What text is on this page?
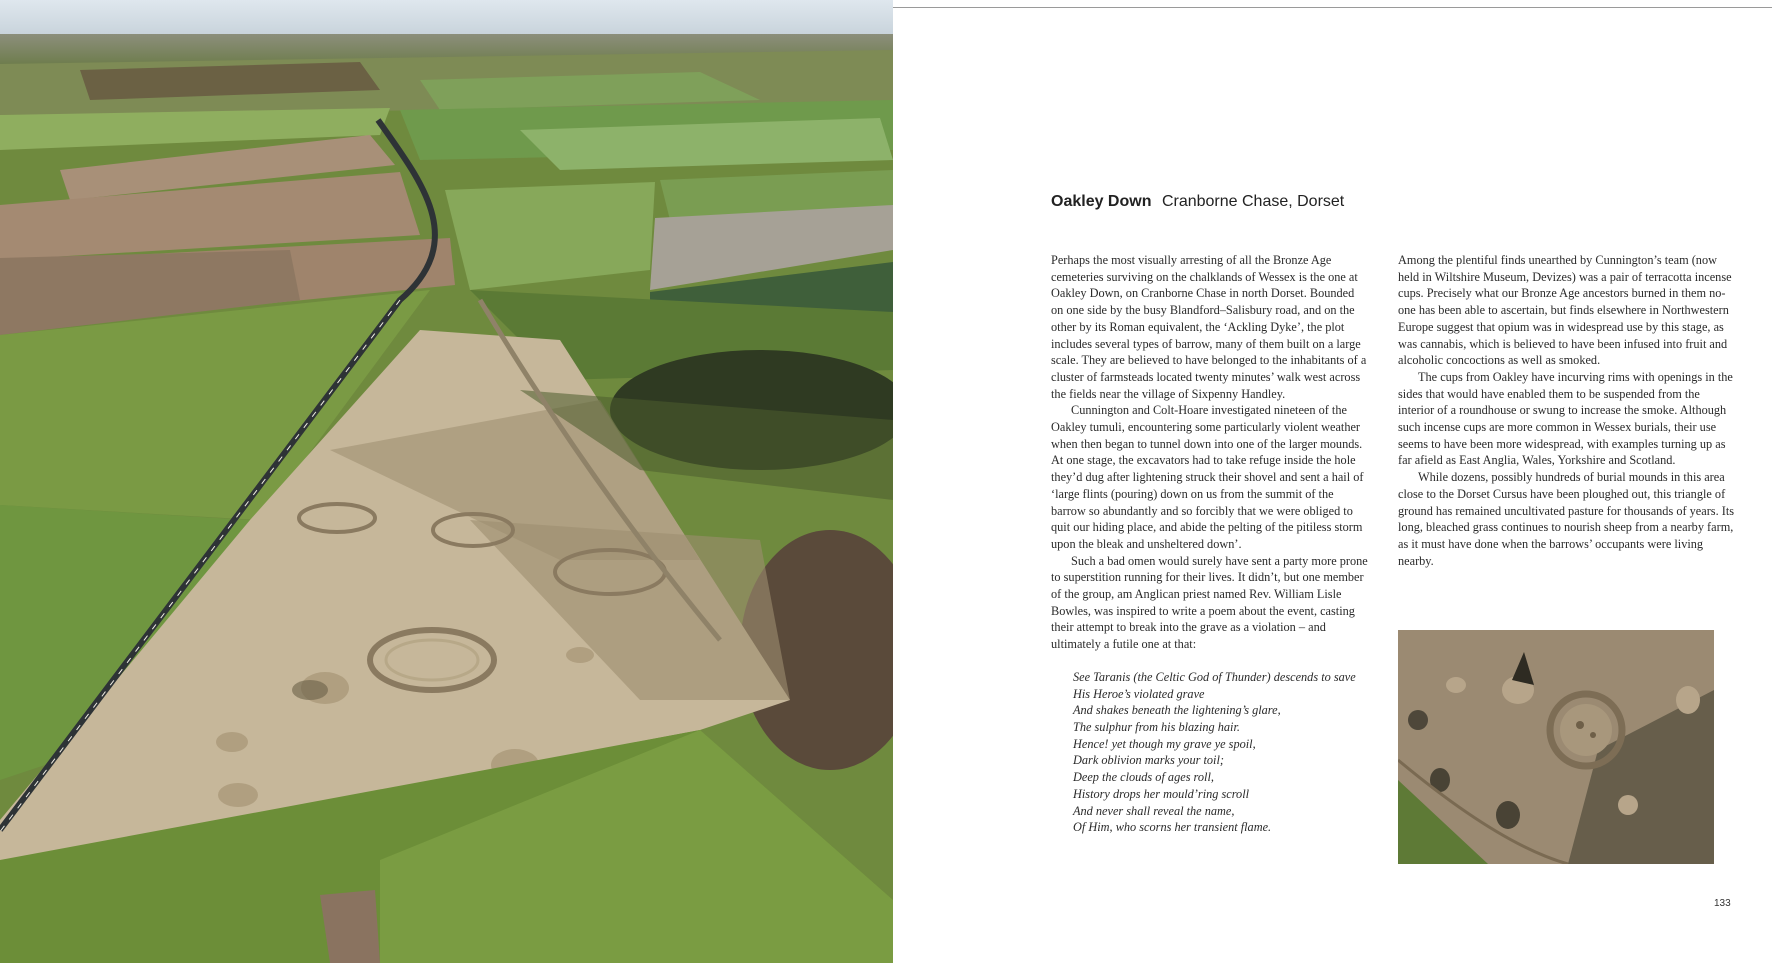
Oakley Down Cranborne Chase, Dorset

Perhaps the most visually arresting of all the Bronze Age cemeteries surviving on the chalklands of Wessex is the one at Oakley Down, on Cranborne Chase in north Dorset. Bounded on one side by the busy Blandford–Salisbury road, and on the other by its Roman equivalent, the ‘Ackling Dyke’, the plot includes several types of barrow, many of them built on a large scale. They are believed to have belonged to the inhabitants of a cluster of farmsteads located twenty minutes’ walk west across the fields near the village of Sixpenny Handley.

Cunnington and Colt-Hoare investigated nineteen of the Oakley tumuli, encountering some particularly violent weather when then began to tunnel down into one of the larger mounds. At one stage, the excavators had to take refuge inside the hole they’d dug after lightening struck their shovel and sent a hail of ‘large flints (pouring) down on us from the summit of the barrow so abundantly and so forcibly that we were obliged to quit our hiding place, and abide the pelting of the pitiless storm upon the bleak and unsheltered down’.

Such a bad omen would surely have sent a party more prone to superstition running for their lives. It didn’t, but one member of the group, am Anglican priest named Rev. William Lisle Bowles, was inspired to write a poem about the event, casting their attempt to break into the grave as a violation – and ultimately a futile one at that:

See Taranis (the Celtic God of Thunder) descends to save
His Heroe’s violated grave
And shakes beneath the lightening’s glare,
The sulphur from his blazing hair.
Hence! yet though my grave ye spoil,
Dark oblivion marks your toil;
Deep the clouds of ages roll,
History drops her mould’ring scroll
And never shall reveal the name,
Of Him, who scorns her transient flame.

Among the plentiful finds unearthed by Cunnington’s team (now held in Wiltshire Museum, Devizes) was a pair of terracotta incense cups. Precisely what our Bronze Age ancestors burned in them no-one has been able to ascertain, but finds elsewhere in Northwestern Europe suggest that opium was in widespread use by this stage, as was cannabis, which is believed to have been infused into fruit and alcoholic concoctions as well as smoked.

The cups from Oakley have incurving rims with openings in the sides that would have enabled them to be suspended from the interior of a roundhouse or swung to increase the smoke. Although such incense cups are more common in Wessex burials, their use seems to have been more widespread, with examples turning up as far afield as East Anglia, Wales, Yorkshire and Scotland.

While dozens, possibly hundreds of burial mounds in this area close to the Dorset Cursus have been ploughed out, this triangle of ground has remained uncultivated pasture for thousands of years. Its long, bleached grass continues to nourish sheep from a nearby farm, as it must have done when the barrows’ occupants were living nearby.

133
